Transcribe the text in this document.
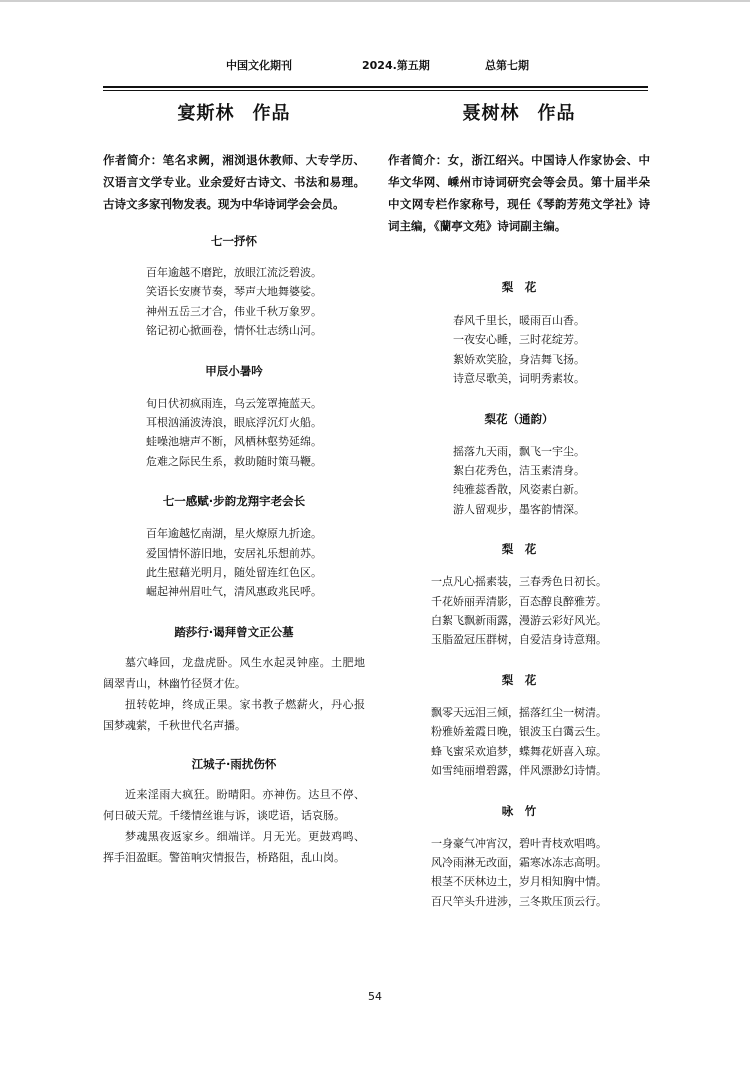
中国文化期刊	2024.第五期	总第七期
宴斯林 作品
作者简介：笔名求阙，湘浏退休教师、大专学历、汉语言文学专业。业余爱好古诗文、书法和易理。古诗文多家刊物发表。现为中华诗词学会会员。
七一抒怀
百年逾越不磨跎，放眼江流泛碧波。
笑语长安赓节奏，琴声大地舞婆娑。
神州五岳三才合，伟业千秋万象罗。
铭记初心掀画卷，情怀壮志绣山河。
甲辰小暑吟
旬日伏初疯雨连，乌云笼罩掩蓝天。
耳根汹涌波涛浪，眼底浮沉灯火船。
蛙噪池塘声不断，风栖林壑势延绵。
危难之际民生系，救助随时策马鞭。
七一感赋·步韵龙翔宇老会长
百年逾越忆南湖，星火燎原九折途。
爱国情怀游旧地，安居礼乐想前苏。
此生慰藉光明月，随处留连红色区。
崛起神州眉吐气，清风惠政兆民呼。
踏莎行·谒拜曾文正公墓

墓穴峰回，龙盘虎卧。风生水起灵钟座。土肥地阔翠青山，林幽竹径贤才佐。

扭转乾坤，终成正果。家书教子燃薪火，丹心报国梦魂萦，千秋世代名声播。

江城子·雨扰伤怀

近来淫雨大疯狂。盼晴阳。亦神伤。达旦不停、何日破天荒。千缕情丝谁与诉，谈呓语，话哀肠。

梦魂黑夜返家乡。细端详。月无光。更鼓鸡鸣、挥手泪盈眶。警笛响灾情报告，桥路阻，乱山岗。

聂树林 作品
作者简介：女，浙江绍兴。中国诗人作家协会、中华文华网、嵊州市诗词研究会等会员。第十届半朵中文网专栏作家称号，现任《琴韵芳苑文学社》诗词主编，《蘭亭文苑》诗词副主编。
梨　花
春风千里长，暖雨百山香。
一夜安心睡，三时花绽芳。
絮娇欢笑脸，身洁舞飞扬。
诗意尽歌美，词明秀素妆。
梨花（通韵）
摇落九天雨，飘飞一宇尘。
絮白花秀色，洁玉素清身。
纯雅蕊香散，风姿素白新。
游人留观步，墨客韵情深。
梨　花
一点凡心摇素装，三春秀色日初长。
千花娇丽弄清影，百态醇良醉雅芳。
白絮飞飘新雨露，漫游云彩好风光。
玉脂盈冠压群树，自爱洁身诗意翔。
梨　花
飘零天远泪三倾，摇落红尘一树清。
粉雅娇羞霞日晚，银波玉白霭云生。
蜂飞蜜采欢追梦，蝶舞花妍喜入琼。
如雪纯丽增碧露，伴风漂渺幻诗情。
咏　竹
一身豪气冲宵汉，碧叶青枝欢唱鸣。
风冷雨淋无改面，霜寒冰冻志高明。
根茎不厌林边土，岁月相知胸中情。
百尺竿头升进涉，三冬欺压顶云行。
54
